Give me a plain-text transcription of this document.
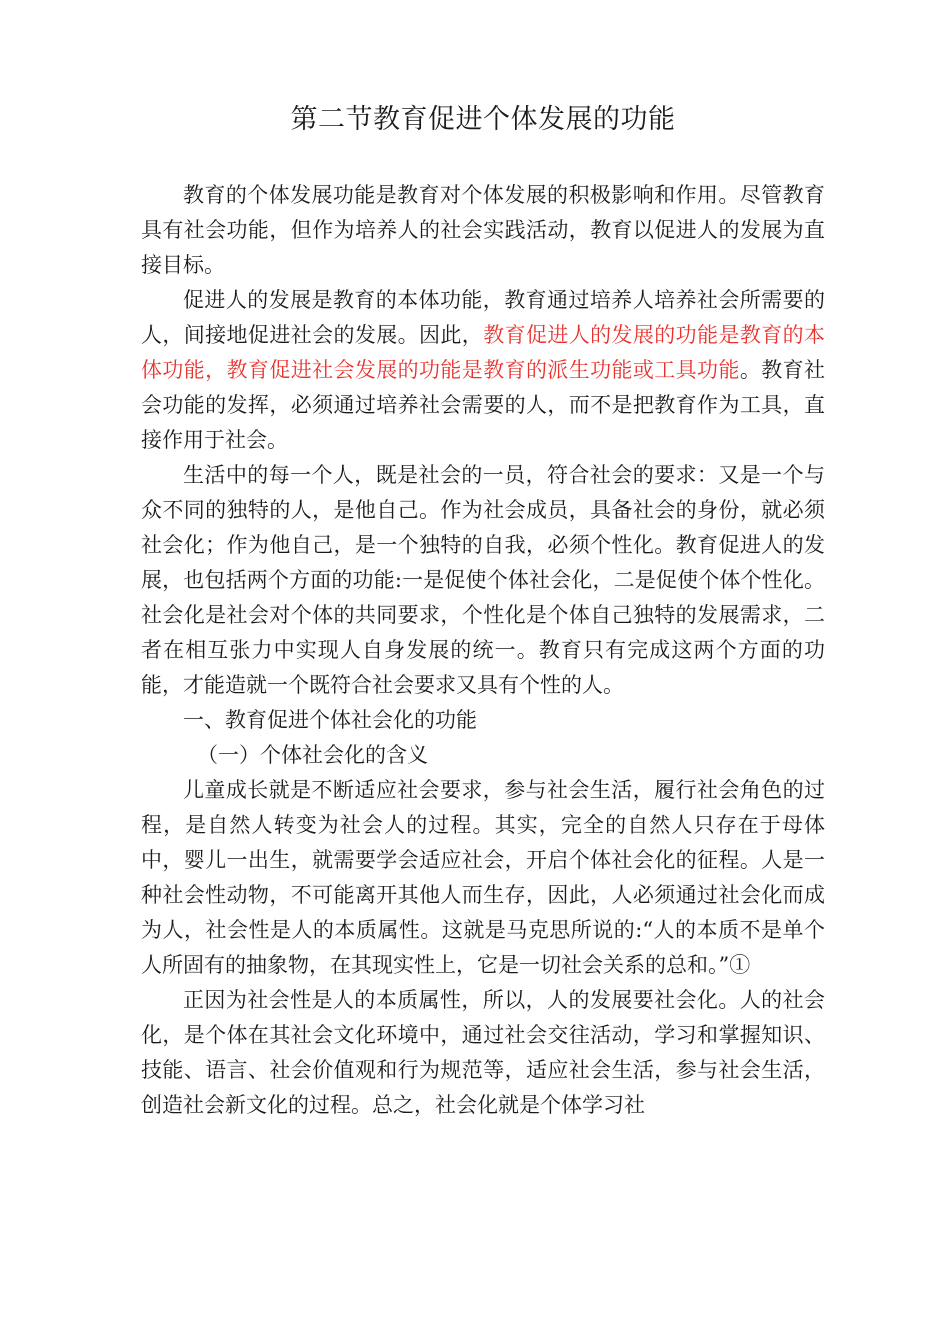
第二节教育促进个体发展的功能

教育的个体发展功能是教育对个体发展的积极影响和作用。尽管教育具有社会功能，但作为培养人的社会实践活动，教育以促进人的发展为直接目标。

促进人的发展是教育的本体功能，教育通过培养人培养社会所需要的人，间接地促进社会的发展。因此，教育促进人的发展的功能是教育的本体功能，教育促进社会发展的功能是教育的派生功能或工具功能。教育社会功能的发挥，必须通过培养社会需要的人，而不是把教育作为工具，直接作用于社会。

生活中的每一个人，既是社会的一员，符合社会的要求：又是一个与众不同的独特的人，是他自己。作为社会成员，具备社会的身份，就必须社会化；作为他自己，是一个独特的自我，必须个性化。教育促进人的发展，也包括两个方面的功能:一是促使个体社会化，二是促使个体个性化。社会化是社会对个体的共同要求，个性化是个体自己独特的发展需求，二者在相互张力中实现人自身发展的统一。教育只有完成这两个方面的功能，才能造就一个既符合社会要求又具有个性的人。

一、教育促进个体社会化的功能

（一）个体社会化的含义

儿童成长就是不断适应社会要求，参与社会生活，履行社会角色的过程，是自然人转变为社会人的过程。其实，完全的自然人只存在于母体中，婴儿一出生，就需要学会适应社会，开启个体社会化的征程。人是一种社会性动物，不可能离开其他人而生存，因此，人必须通过社会化而成为人，社会性是人的本质属性。这就是马克思所说的:“人的本质不是单个人所固有的抽象物，在其现实性上，它是一切社会关系的总和。”①

正因为社会性是人的本质属性，所以，人的发展要社会化。人的社会化，是个体在其社会文化环境中，通过社会交往活动，学习和掌握知识、技能、语言、社会价值观和行为规范等，适应社会生活，参与社会生活，创造社会新文化的过程。总之，社会化就是个体学习社
